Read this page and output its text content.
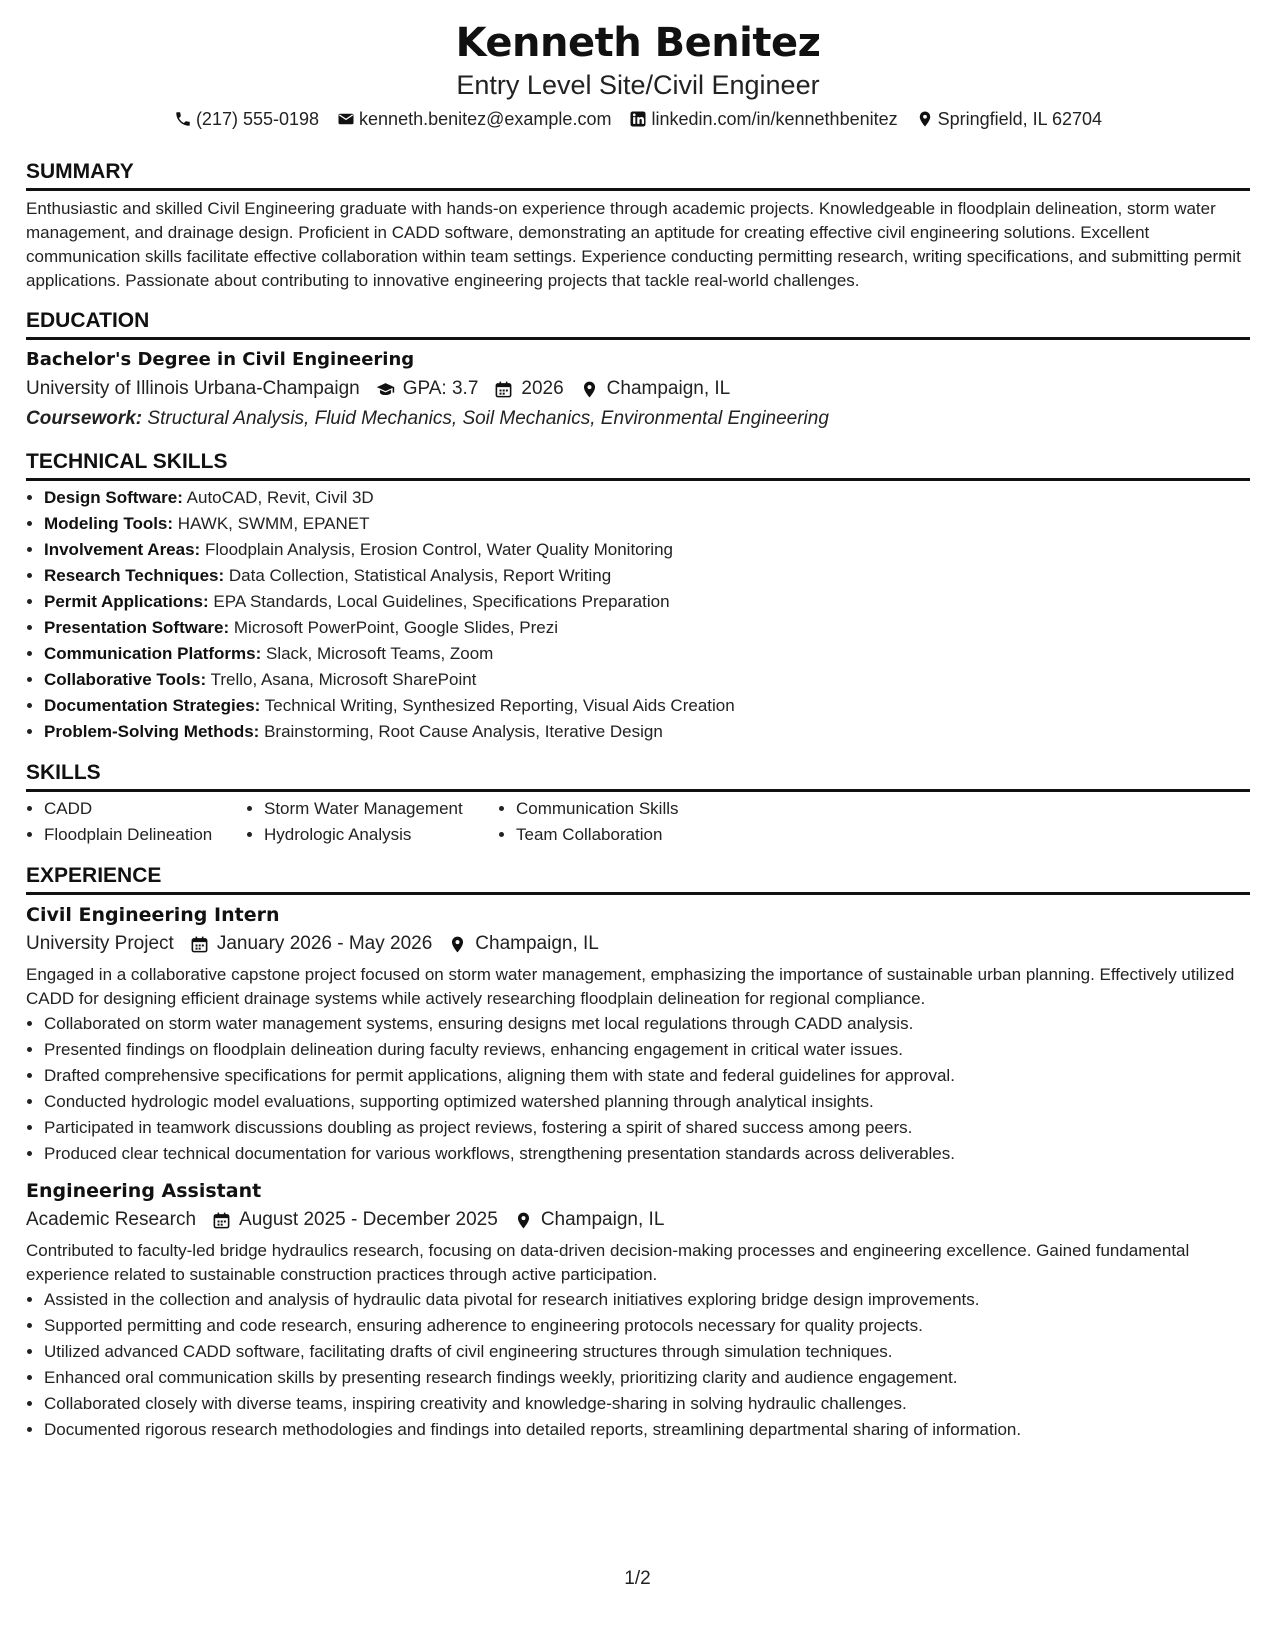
Kenneth Benitez
Entry Level Site/Civil Engineer
(217) 555-0198 kenneth.benitez@example.com linkedin.com/in/kennethbenitez Springfield, IL 62704
SUMMARY
Enthusiastic and skilled Civil Engineering graduate with hands-on experience through academic projects. Knowledgeable in floodplain delineation, storm water management, and drainage design. Proficient in CADD software, demonstrating an aptitude for creating effective civil engineering solutions. Excellent communication skills facilitate effective collaboration within team settings. Experience conducting permitting research, writing specifications, and submitting permit applications. Passionate about contributing to innovative engineering projects that tackle real-world challenges.
EDUCATION
Bachelor's Degree in Civil Engineering
University of Illinois Urbana-Champaign GPA: 3.7 2026 Champaign, IL
Coursework: Structural Analysis, Fluid Mechanics, Soil Mechanics, Environmental Engineering
TECHNICAL SKILLS
• Design Software: AutoCAD, Revit, Civil 3D
• Modeling Tools: HAWK, SWMM, EPANET
• Involvement Areas: Floodplain Analysis, Erosion Control, Water Quality Monitoring
• Research Techniques: Data Collection, Statistical Analysis, Report Writing
• Permit Applications: EPA Standards, Local Guidelines, Specifications Preparation
• Presentation Software: Microsoft PowerPoint, Google Slides, Prezi
• Communication Platforms: Slack, Microsoft Teams, Zoom
• Collaborative Tools: Trello, Asana, Microsoft SharePoint
• Documentation Strategies: Technical Writing, Synthesized Reporting, Visual Aids Creation
• Problem-Solving Methods: Brainstorming, Root Cause Analysis, Iterative Design
SKILLS
• CADD
• Floodplain Delineation
• Storm Water Management
• Hydrologic Analysis
• Communication Skills
• Team Collaboration
EXPERIENCE
Civil Engineering Intern
University Project January 2026 - May 2026 Champaign, IL
Engaged in a collaborative capstone project focused on storm water management, emphasizing the importance of sustainable urban planning. Effectively utilized CADD for designing efficient drainage systems while actively researching floodplain delineation for regional compliance.
• Collaborated on storm water management systems, ensuring designs met local regulations through CADD analysis.
• Presented findings on floodplain delineation during faculty reviews, enhancing engagement in critical water issues.
• Drafted comprehensive specifications for permit applications, aligning them with state and federal guidelines for approval.
• Conducted hydrologic model evaluations, supporting optimized watershed planning through analytical insights.
• Participated in teamwork discussions doubling as project reviews, fostering a spirit of shared success among peers.
• Produced clear technical documentation for various workflows, strengthening presentation standards across deliverables.
Engineering Assistant
Academic Research August 2025 - December 2025 Champaign, IL
Contributed to faculty-led bridge hydraulics research, focusing on data-driven decision-making processes and engineering excellence. Gained fundamental experience related to sustainable construction practices through active participation.
• Assisted in the collection and analysis of hydraulic data pivotal for research initiatives exploring bridge design improvements.
• Supported permitting and code research, ensuring adherence to engineering protocols necessary for quality projects.
• Utilized advanced CADD software, facilitating drafts of civil engineering structures through simulation techniques.
• Enhanced oral communication skills by presenting research findings weekly, prioritizing clarity and audience engagement.
• Collaborated closely with diverse teams, inspiring creativity and knowledge-sharing in solving hydraulic challenges.
• Documented rigorous research methodologies and findings into detailed reports, streamlining departmental sharing of information.
1/2
